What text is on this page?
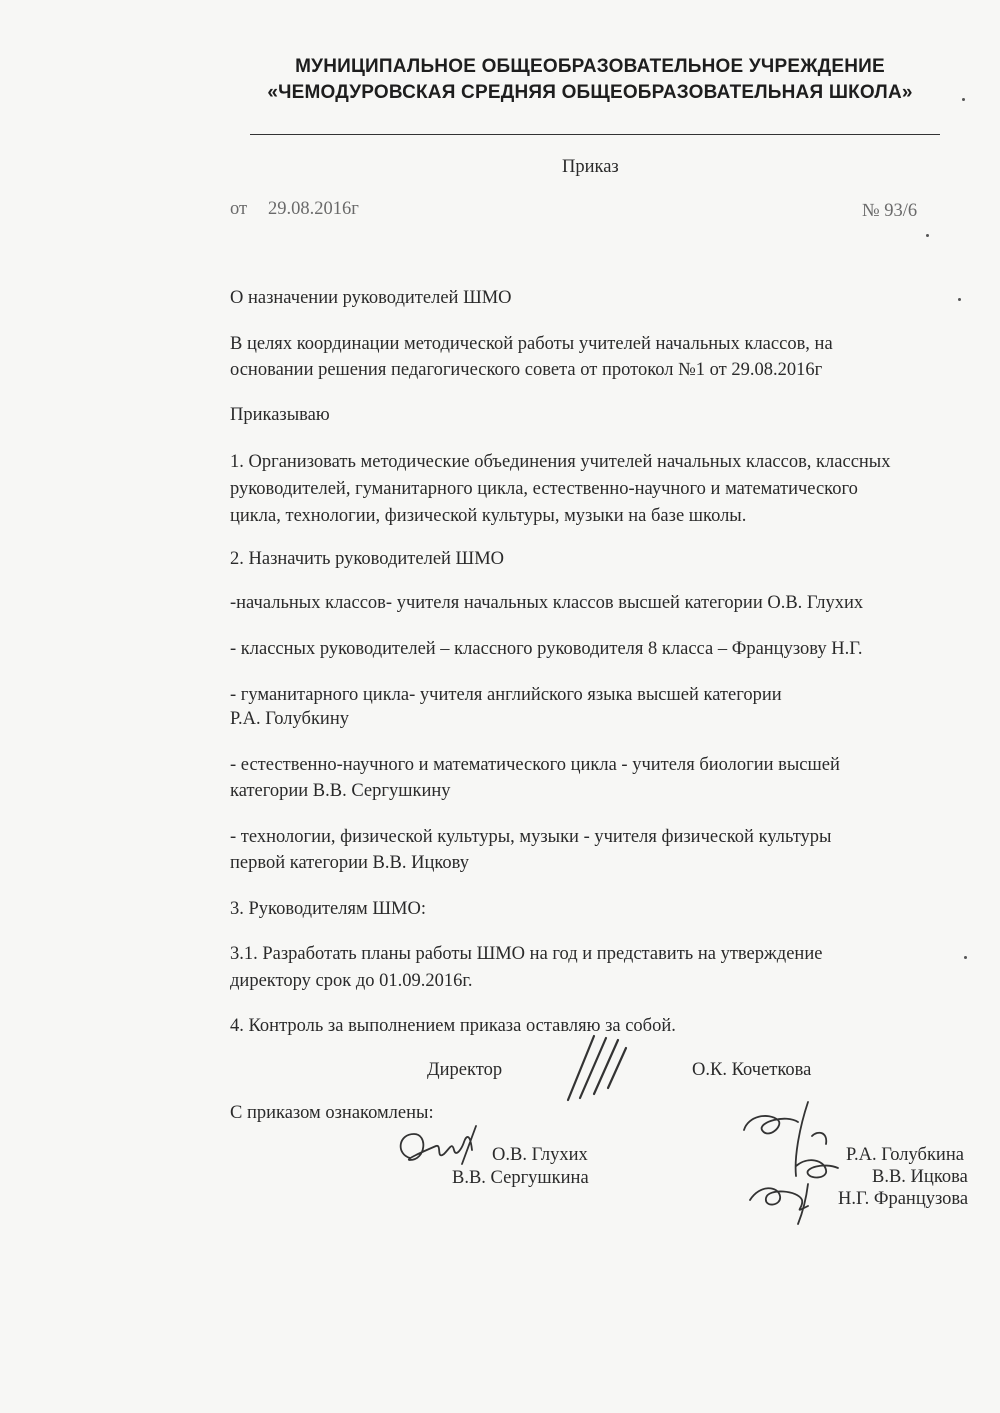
МУНИЦИПАЛЬНОЕ ОБЩЕОБРАЗОВАТЕЛЬНОЕ УЧРЕЖДЕНИЕ
«ЧЕМОДУРОВСКАЯ СРЕДНЯЯ ОБЩЕОБРАЗОВАТЕЛЬНАЯ ШКОЛА»
Приказ
от 29.08.2016г	№ 93/6
О назначении руководителей ШМО
В целях координации методической работы учителей начальных классов, на
основании решения педагогического совета от протокол №1 от 29.08.2016г
Приказываю
1. Организовать методические объединения учителей начальных классов, классных
руководителей, гуманитарного цикла, естественно-научного и математического
цикла, технологии, физической культуры, музыки на базе школы.
2. Назначить руководителей ШМО
-начальных классов- учителя начальных классов высшей категории О.В. Глухих
- классных руководителей – классного руководителя 8 класса – Французову Н.Г.
- гуманитарного цикла- учителя английского языка высшей категории
Р.А. Голубкину
- естественно-научного и математического цикла - учителя биологии высшей
категории В.В. Сергушкину
- технологии, физической культуры, музыки - учителя физической культуры
первой категории В.В. Ицкову
3. Руководителям ШМО:
3.1. Разработать планы работы ШМО на год и представить на утверждение
директору срок до 01.09.2016г.
4. Контроль за выполнением приказа оставляю за собой.
Директор	О.К. Кочеткова
С приказом ознакомлены:
О.В. Глухих
В.В. Сергушкина
Р.А. Голубкина
В.В. Ицкова
Н.Г. Французова
